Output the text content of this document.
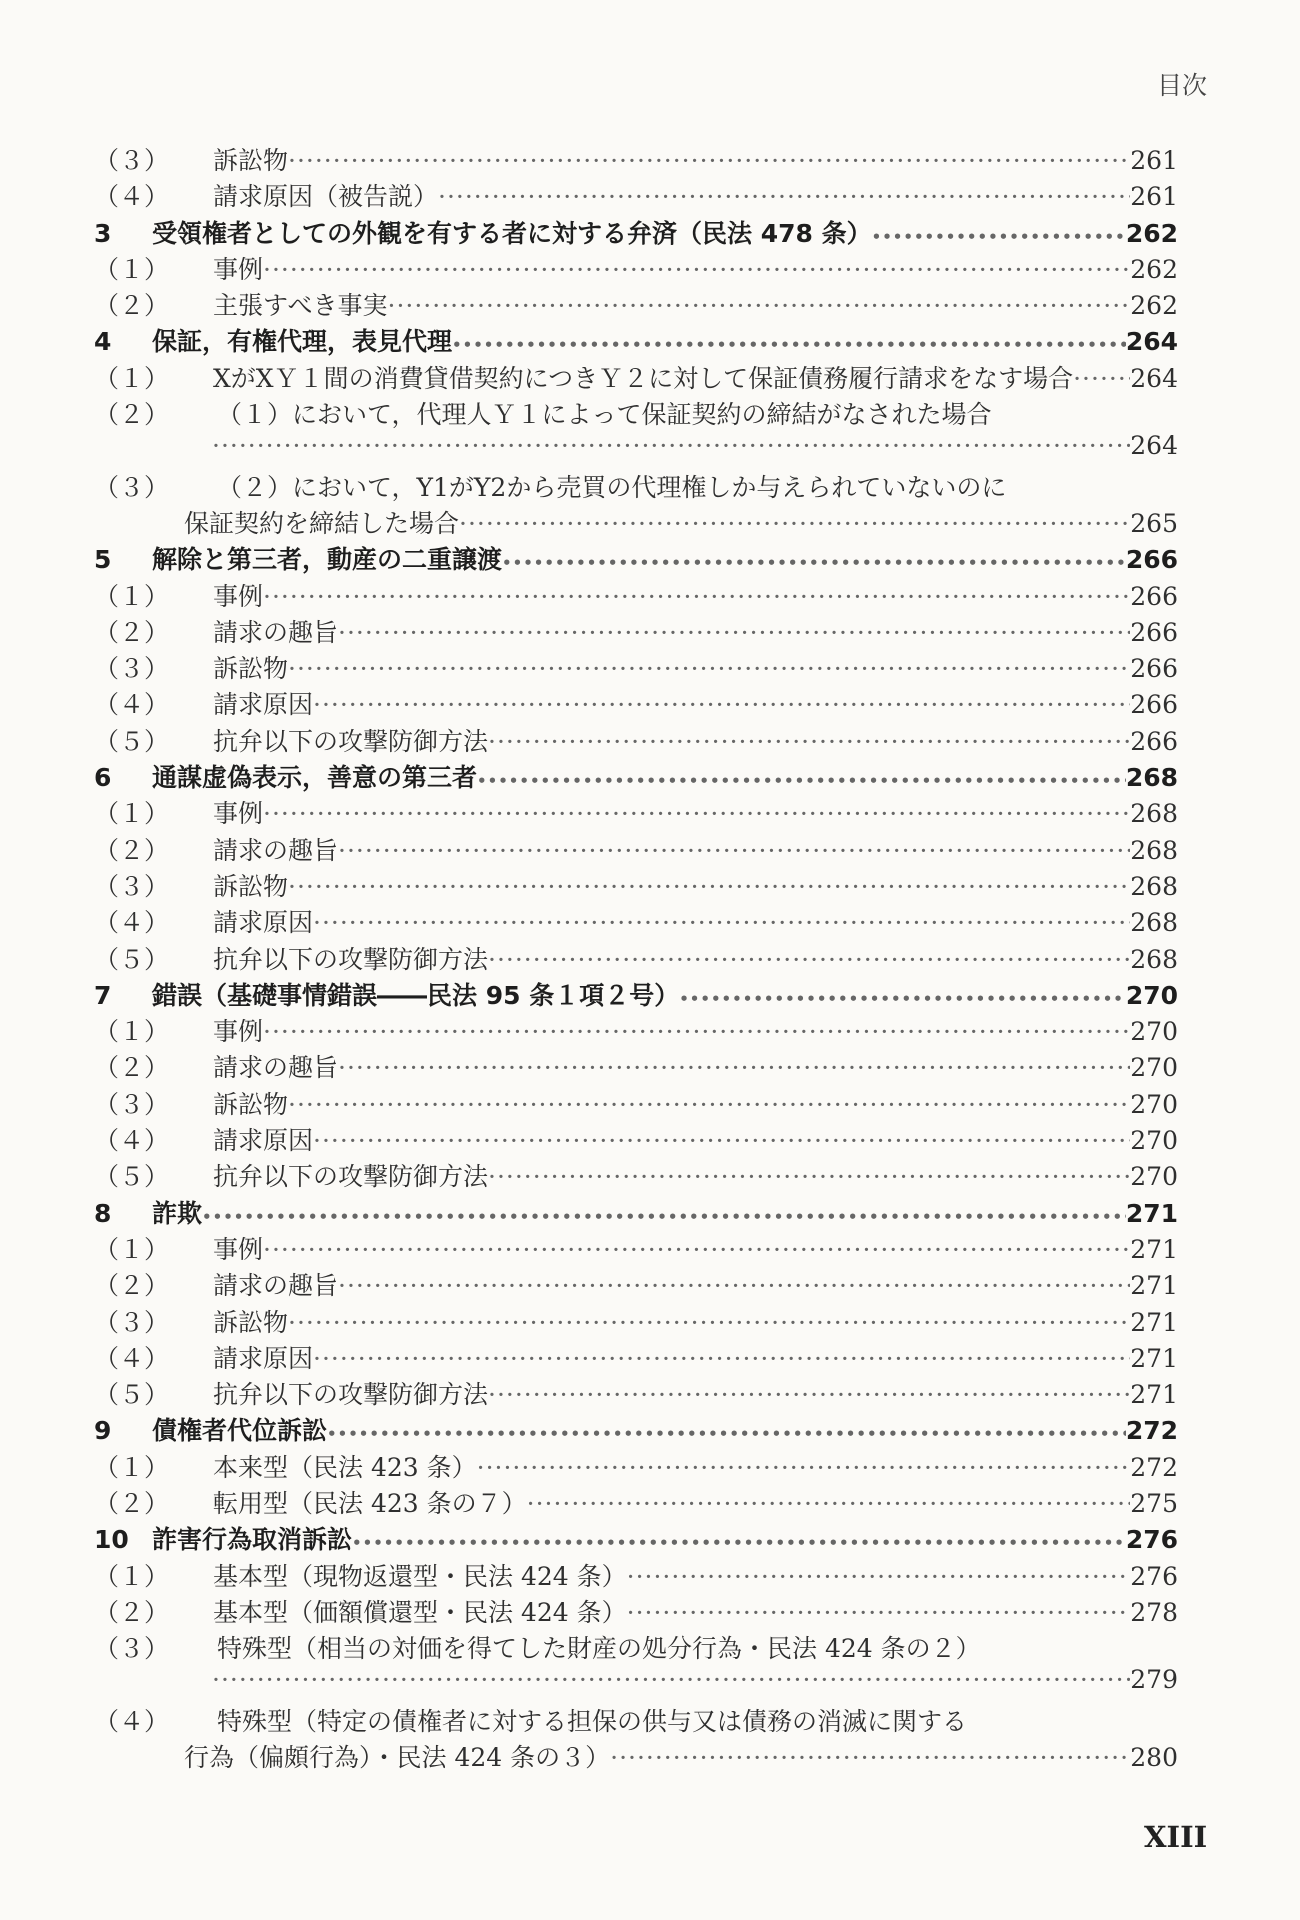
目次
（３）	訴訟物 ·····	261
（４）	請求原因（被告説） ·····	261
3	受領権者としての外観を有する者に対する弁済（民法 478 条） •••••	262
（１）	事例 ·····	262
（２）	主張すべき事実 ·····	262
4	保証，有権代理，表見代理 •••••	264
（１）	XがXＹ１間の消費貸借契約につきＹ２に対して保証債務履行請求をなす場合 ····· 264
（２）	（１）において，代理人Ｙ１によって保証契約の締結がなされた場合
·····
264
（３）	（２）において，Y1がY2から売買の代理権しか与えられていないのに
保証契約を締結した場合 ·····	265
5	解除と第三者，動産の二重譲渡 •••••	266
（１）	事例 ·····	266
（２）	請求の趣旨 ·····	266
（３）	訴訟物 ·····	266
（４）	請求原因 ·····	266
（５）	抗弁以下の攻撃防御方法 ·····	266
6	通謀虚偽表示，善意の第三者 •••••	268
（１）	事例 ·····	268
（２）	請求の趣旨 ·····	268
（３）	訴訟物 ·····	268
（４）	請求原因 ·····	268
（５）	抗弁以下の攻撃防御方法 ·····	268
7	錯誤（基礎事情錯誤――民法 95 条１項２号） •••••	270
（１）	事例 ·····	270
（２）	請求の趣旨 ·····	270
（３）	訴訟物 ·····	270
（４）	請求原因 ·····	270
（５）	抗弁以下の攻撃防御方法 ·····	270
8	詐欺 •••••	271
（１）	事例 ·····	271
（２）	請求の趣旨 ·····	271
（３）	訴訟物 ·····	271
（４）	請求原因 ·····	271
（５）	抗弁以下の攻撃防御方法 ·····	271
9	債権者代位訴訟 •••••	272
（１）	本来型（民法 423 条） ·····	272
（２）	転用型（民法 423 条の７） ·····	275
10 詐害行為取消訴訟 •••••	276
（１）	基本型（現物返還型・民法 424 条） ·····	276
（２）	基本型（価額償還型・民法 424 条） ·····	278
（３）	特殊型（相当の対価を得てした財産の処分行為・民法 424 条の２）
·····
279
（４）	特殊型（特定の債権者に対する担保の供与又は債務の消滅に関する
行為（偏頗行為）・民法 424 条の３） ·····	280
XIII
